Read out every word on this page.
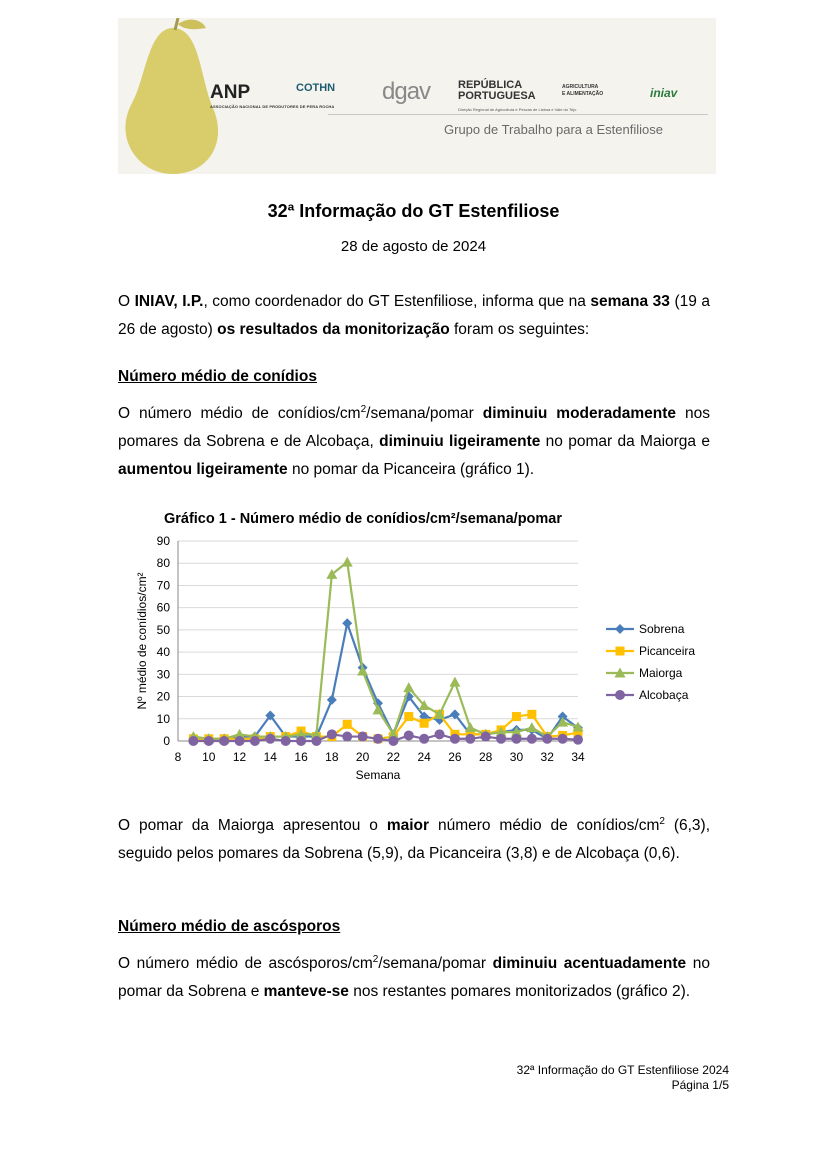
ANP
ASSOCIAÇÃO NACIONAL DE PRODUTORES DE PERA ROCHA
COTHN dgav	REPÚBLICA
PORTUGUESA
AGRICULTURA
E ALIMENTAÇÃO	iniav
Direção Regional de Agricultura e Pescas de Lisboa e Vale do Tejo
Grupo de Trabalho para a Estenfiliose
32ª Informação do GT Estenfiliose
28 de agosto de 2024
O INIAV, I.P., como coordenador do GT Estenfiliose, informa que na semana 33 (19 a 26 de agosto) os resultados da monitorização foram os seguintes:
Número médio de conídios
O número médio de conídios/$cm^2/semana$/pomar diminuiu moderadamente nos pomares da Sobrena e de Alcobaça, diminuiu ligeiramente no pomar da Maiorga e aumentou ligeiramente no pomar da Picanceira (gráfico 1).
Gráfico 1 - Número médio de conídios/cm²/semana/pomar
0
10
20
30
40
50
60
70
80
90
8 10 12 14 16 18 20 22 24 26 28 30 32 34
Semana
Nº médio de conídios/cm²	Sobrena
Picanceira
Maiorga
Alcobaça
O pomar da Maiorga apresentou o maior número médio de conídios/$cm^2$ (6,3), seguido pelos pomares da Sobrena (5,9), da Picanceira (3,8) e de Alcobaça (0,6).
Número médio de ascósporos
O número médio de ascósporos/$cm^2/semana$/pomar diminuiu acentuadamente no pomar da Sobrena e manteve-se nos restantes pomares monitorizados (gráfico 2).
32ª Informação do GT Estenfiliose 2024
Página 1/5
